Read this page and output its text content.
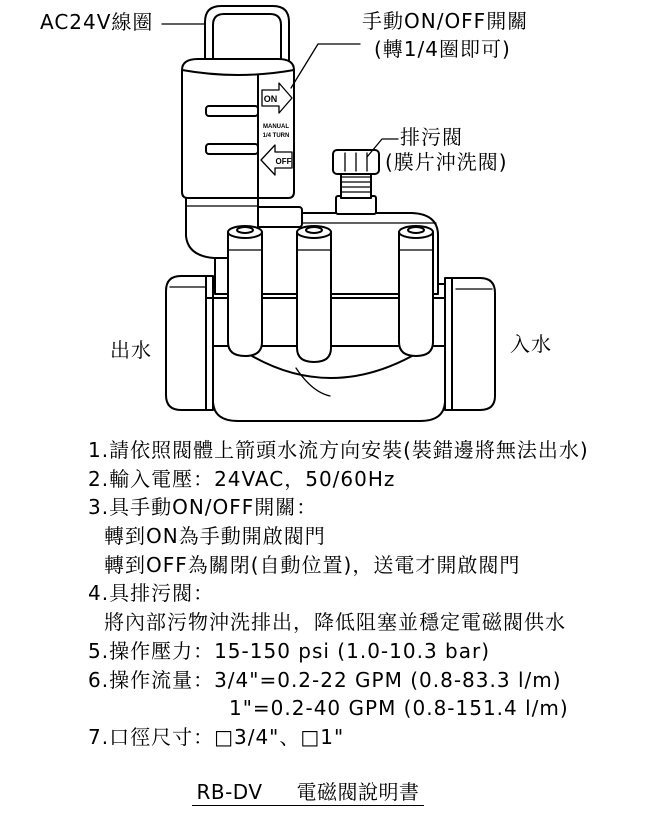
ON
MANUAL
1/4 TURN
OFF
AC24V線圈	手動ON/OFF開關
(轉1/4圈即可)
排污閥
(膜片沖洗閥)
出水	入水
1.請依照閥體上箭頭水流方向安裝(裝錯邊將無法出水)
2.輸入電壓：24VAC，50/60Hz
3.具手動ON/OFF開關：
轉到ON為手動開啟閥門
轉到OFF為關閉(自動位置)，送電才開啟閥門
4.具排污閥：
將內部污物沖洗排出，降低阻塞並穩定電磁閥供水
5.操作壓力：15-150 psi (1.0-10.3 bar)
6.操作流量：3/4"=0.2-22 GPM (0.8-83.3 l/m)
1"=0.2-40 GPM (0.8-151.4 l/m)
7.口徑尺寸：□3/4"、□1"
RB-DV 電磁閥說明書
